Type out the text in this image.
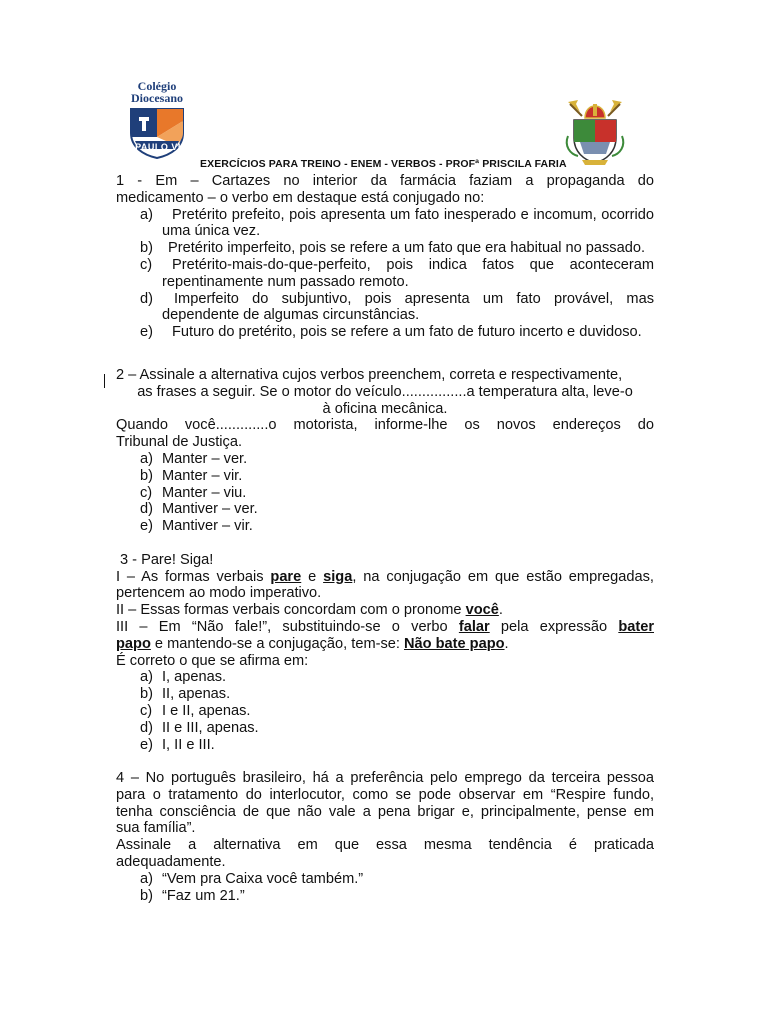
Colégio
Diocesano
PAULO VI
EXERCÍCIOS PARA TREINO - ENEM - VERBOS - PROFª PRISCILA FARIA

1 - Em – Cartazes no interior da farmácia faziam a propaganda do

medicamento – o verbo em destaque está conjugado no:

a)	Pretérito prefeito, pois apresenta um fato inesperado e incomum, ocorrido uma única vez.
b)	Pretérito imperfeito, pois se refere a um fato que era habitual no passado.
c)	Pretérito-mais-do-que-perfeito, pois indica fatos que aconteceram repentinamente num passado remoto.
d)	Imperfeito do subjuntivo, pois apresenta um fato provável, mas dependente de algumas circunstâncias.
e)	Futuro do pretérito, pois se refere a um fato de futuro incerto e duvidoso.

2 – Assinale a alternativa cujos verbos preenchem, correta e respectivamente,

as frases a seguir. Se o motor do veículo................a temperatura alta, leve-o

à oficina mecânica.

Quando você.............o motorista, informe-lhe os novos endereços do

Tribunal de Justiça.

a) Manter – ver.
b) Manter – vir.
c) Manter – viu.
d) Mantiver – ver.
e) Mantiver – vir.

3 - Pare! Siga!

I – As formas verbais pare e siga, na conjugação em que estão empregadas,

pertencem ao modo imperativo.

II – Essas formas verbais concordam com o pronome você.

III – Em “Não fale!”, substituindo-se o verbo falar pela expressão bater

papo e mantendo-se a conjugação, tem-se: Não bate papo.

É correto o que se afirma em:

a) I, apenas.
b) II, apenas.
c) I e II, apenas.
d) II e III, apenas.
e) I, II e III.

4 – No português brasileiro, há a preferência pelo emprego da terceira pessoa

para o tratamento do interlocutor, como se pode observar em “Respire fundo,

tenha consciência de que não vale a pena brigar e, principalmente, pense em

sua família”.

Assinale a alternativa em que essa mesma tendência é praticada

adequadamente.

a) “Vem pra Caixa você também.”
b) “Faz um 21.”
